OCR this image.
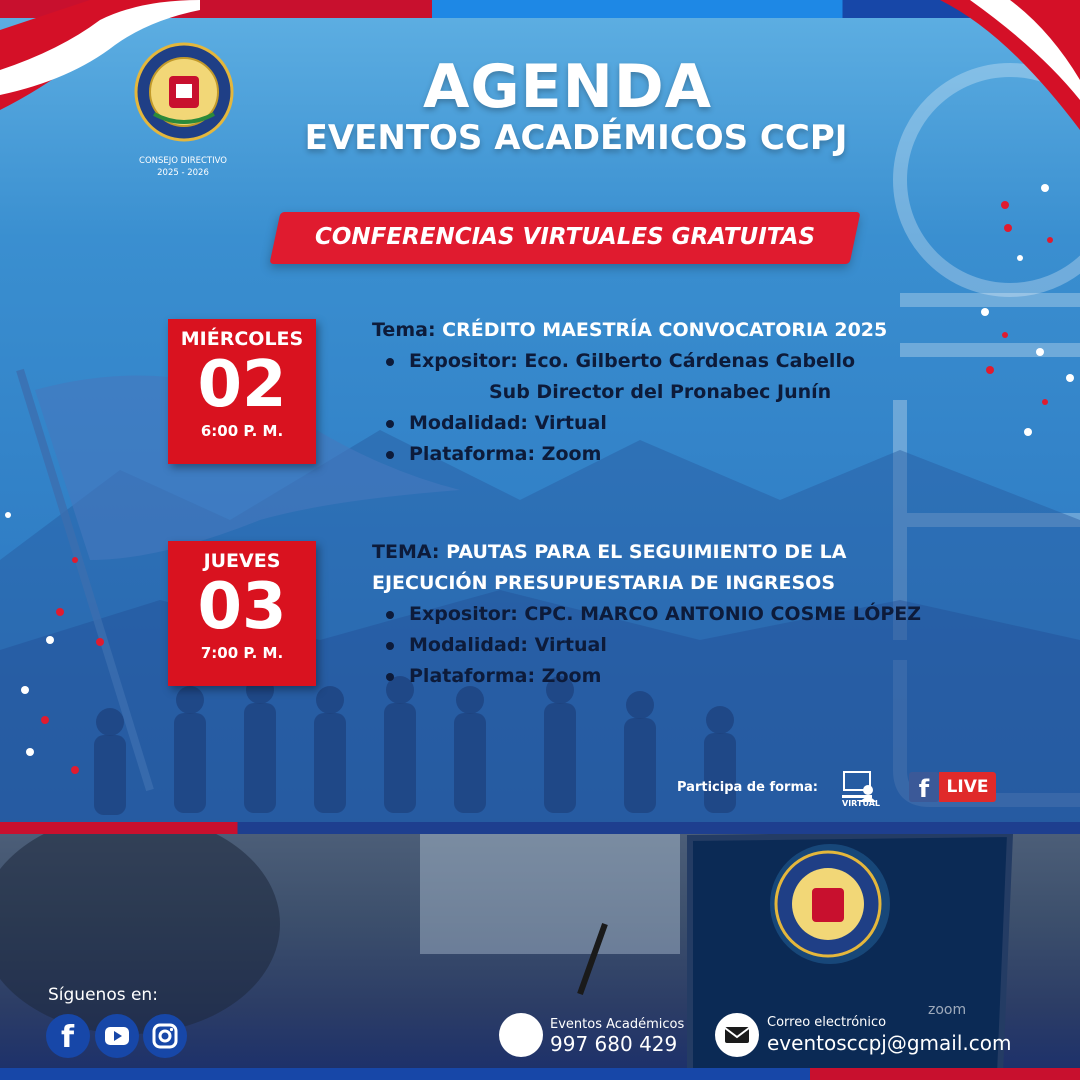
CONSEJO DIRECTIVO
2025 - 2026
AGENDA
EVENTOS ACADÉMICOS CCPJ
CONFERENCIAS VIRTUALES GRATUITAS
MIÉRCOLES
02
6:00 P. M.
Tema: CRÉDITO MAESTRÍA CONVOCATORIA 2025
Expositor: Eco. Gilberto Cárdenas Cabello
Sub Director del Pronabec Junín
Modalidad: Virtual
Plataforma: Zoom
JUEVES
03
7:00 P. M.
TEMA: PAUTAS PARA EL SEGUIMIENTO DE LA
EJECUCIÓN PRESUPUESTARIA DE INGRESOS
Expositor: CPC. MARCO ANTONIO COSME LÓPEZ
Modalidad: Virtual
Plataforma: Zoom
Participa de forma:
VIRTUAL
f	LIVE
zoom
Síguenos en:
f	Eventos Académicos
997 680 429
Correo electrónico
eventosccpj@gmail.com
